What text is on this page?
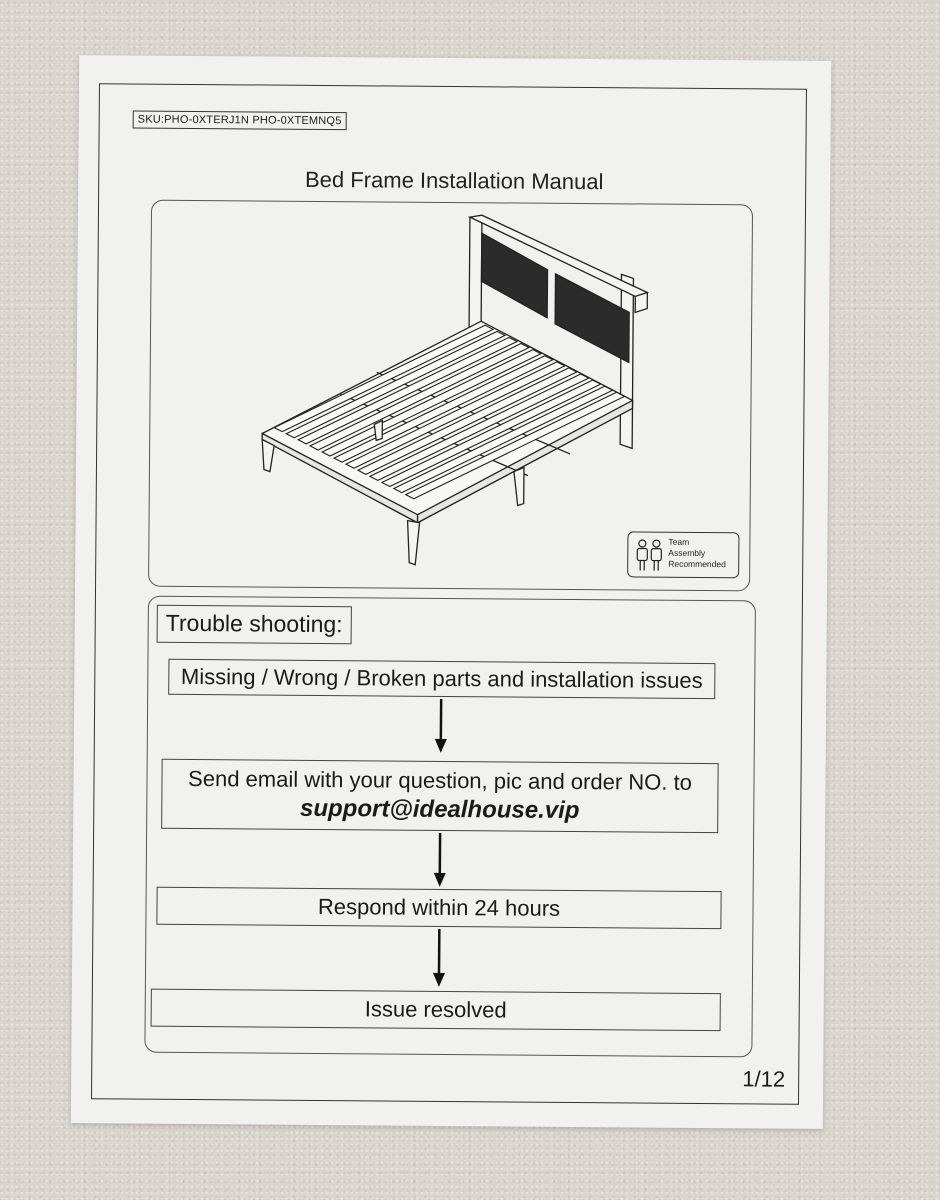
SKU:PHO-0XTERJ1N PHO-0XTEMNQ5
Bed Frame Installation Manual
Team
Assembly
Recommended
Trouble shooting:
Missing / Wrong / Broken parts and installation issues
Send email with your question, pic and order NO. to
support@idealhouse.vip
Respond within 24 hours
Issue resolved
1/12
